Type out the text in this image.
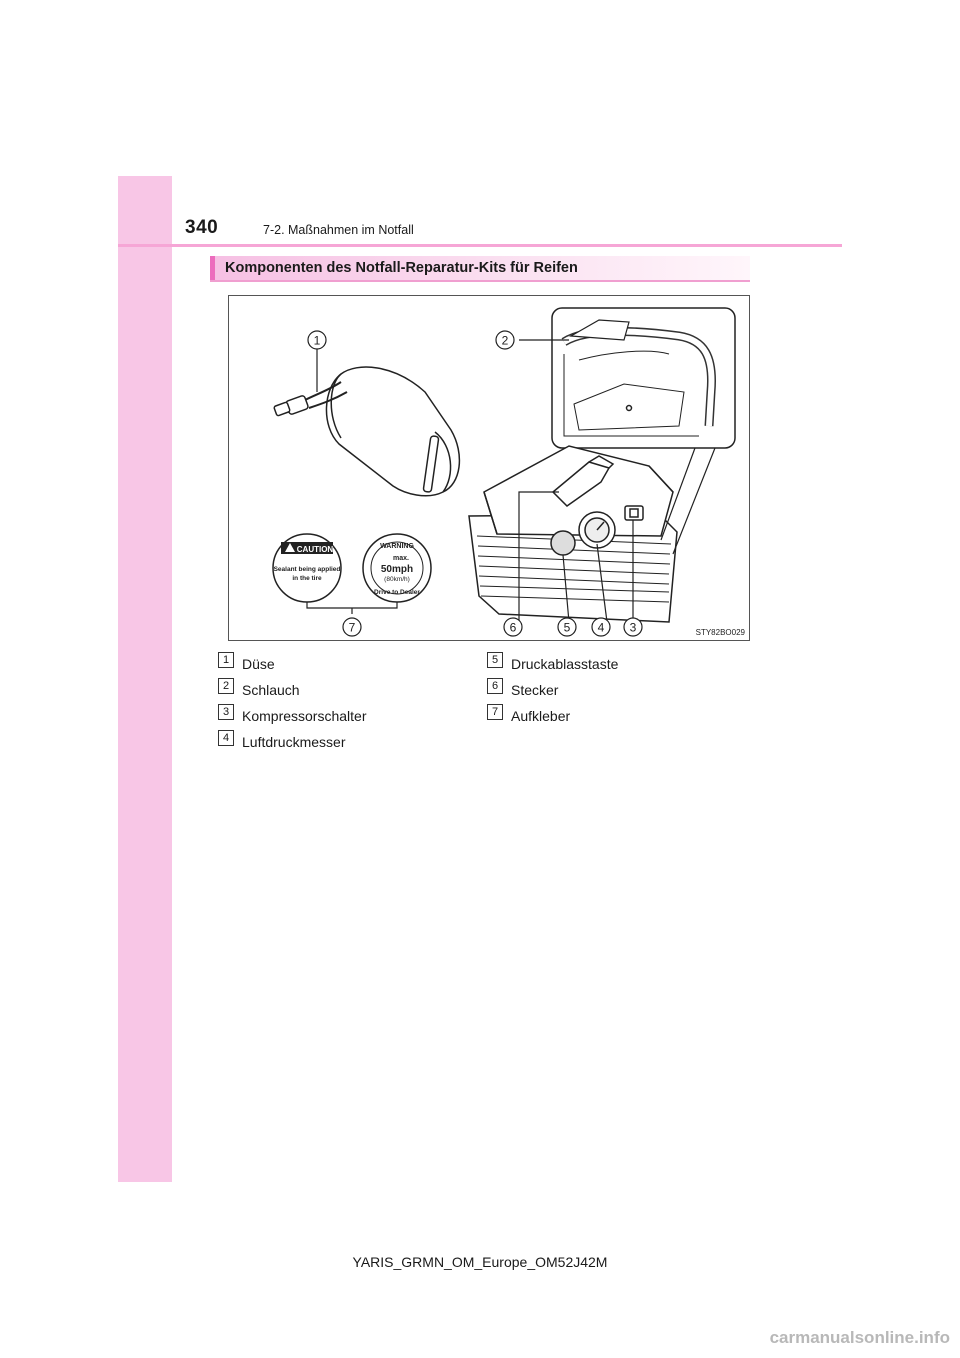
340	7-2. Maßnahmen im Notfall
Komponenten des Notfall-Reparatur-Kits für Reifen
CAUTION
Sealant being applied
in the tire
WARNING
max.
50mph
(80km/h)
Drive to Dealer
1	2
3
4
5
6
7	STY82BO029
1 Düse
2 Schlauch
3 Kompressorschalter
4 Luftdruckmesser
5 Druckablasstaste
6 Stecker
7 Aufkleber
YARIS_GRMN_OM_Europe_OM52J42M
carmanualsonline.info
